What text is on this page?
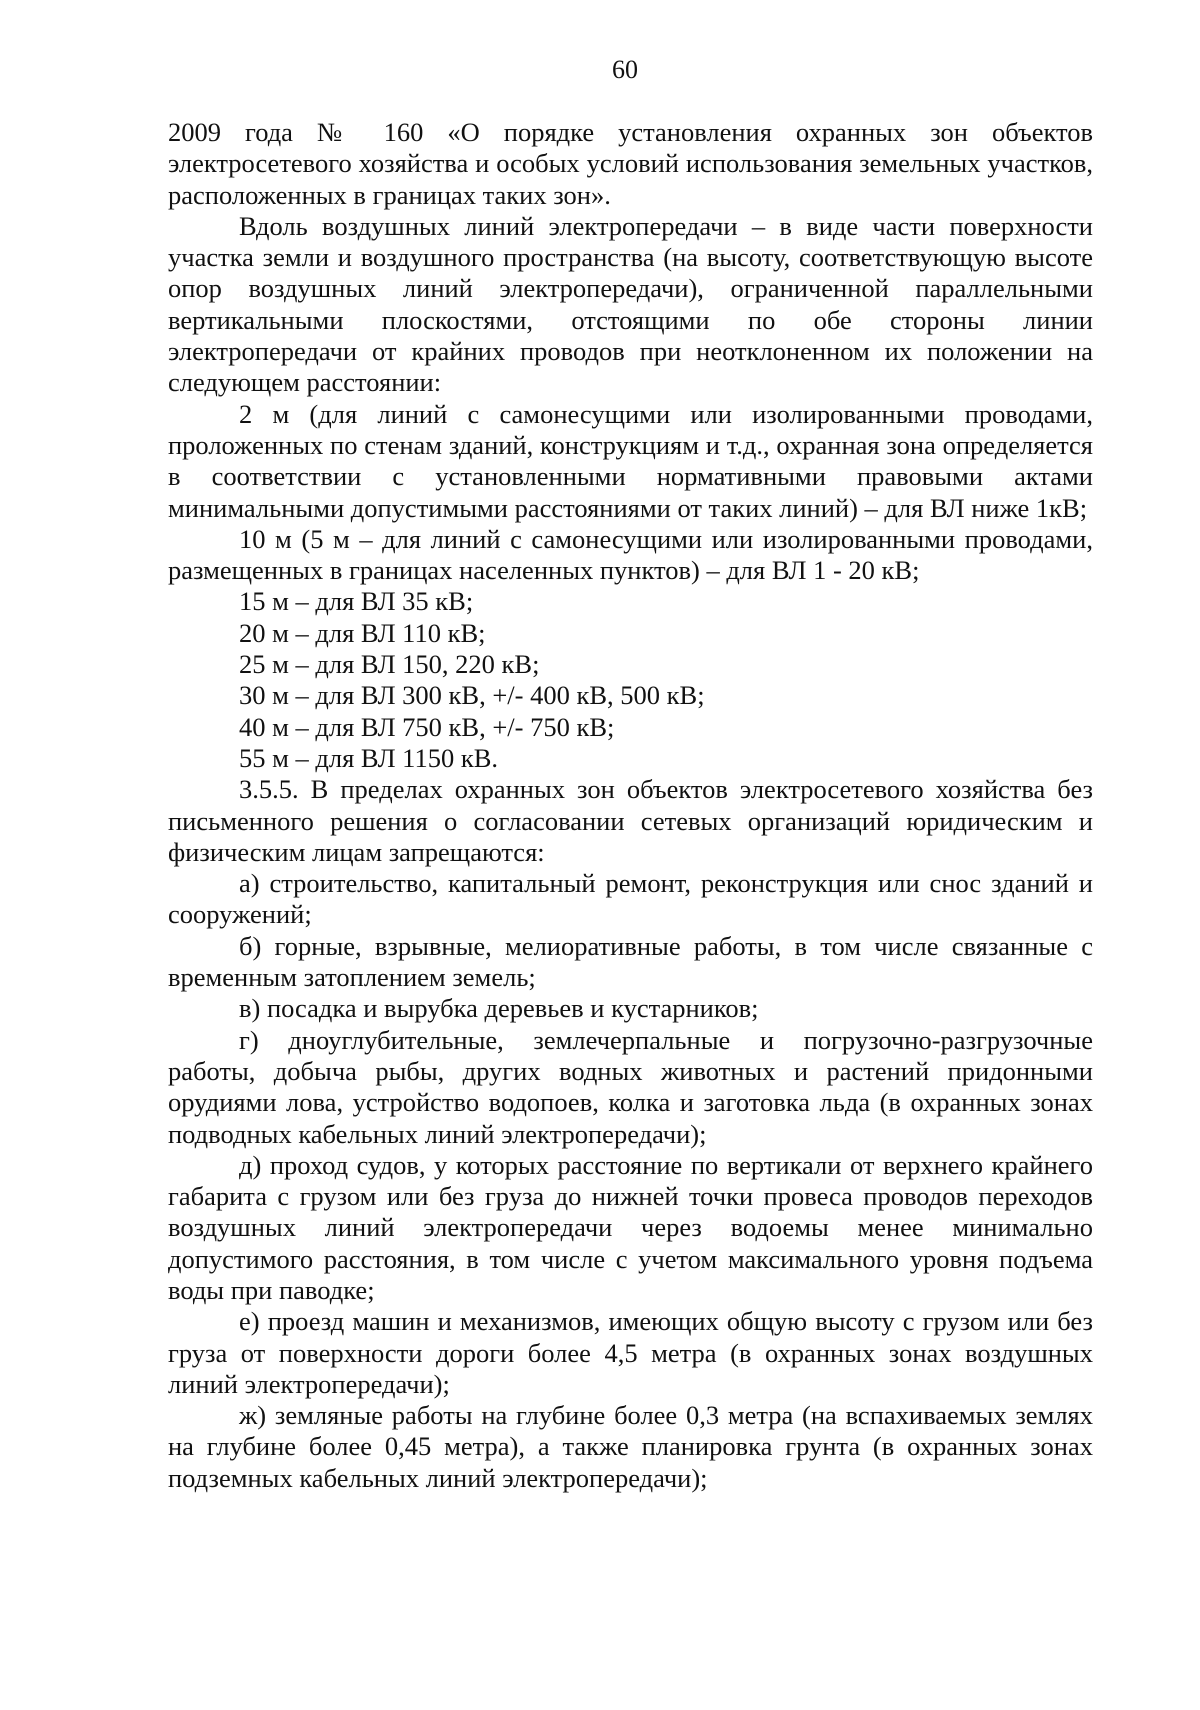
60

2009 года № 160 «О порядке установления охранных зон объектов электросетевого хозяйства и особых условий использования земельных участков, расположенных в границах таких зон».

Вдоль воздушных линий электропередачи – в виде части поверхности участка земли и воздушного пространства (на высоту, соответствующую высоте опор воздушных линий электропередачи), ограниченной параллельными вертикальными плоскостями, отстоящими по обе стороны линии электропередачи от крайних проводов при неотклоненном их положении на следующем расстоянии:

2 м (для линий с самонесущими или изолированными проводами, проложенных по стенам зданий, конструкциям и т.д., охранная зона определяется в соответствии с установленными нормативными правовыми актами минимальными допустимыми расстояниями от таких линий) – для ВЛ ниже 1кВ;

10 м (5 м – для линий с самонесущими или изолированными проводами, размещенных в границах населенных пунктов) – для ВЛ 1 - 20 кВ;

15 м – для ВЛ 35 кВ;

20 м – для ВЛ 110 кВ;

25 м – для ВЛ 150, 220 кВ;

30 м – для ВЛ 300 кВ, +/- 400 кВ, 500 кВ;

40 м – для ВЛ 750 кВ, +/- 750 кВ;

55 м – для ВЛ 1150 кВ.

3.5.5. В пределах охранных зон объектов электросетевого хозяйства без письменного решения о согласовании сетевых организаций юридическим и физическим лицам запрещаются:

а) строительство, капитальный ремонт, реконструкция или снос зданий и сооружений;

б) горные, взрывные, мелиоративные работы, в том числе связанные с временным затоплением земель;

в) посадка и вырубка деревьев и кустарников;

г) дноуглубительные, землечерпальные и погрузочно-разгрузочные работы, добыча рыбы, других водных животных и растений придонными орудиями лова, устройство водопоев, колка и заготовка льда (в охранных зонах подводных кабельных линий электропередачи);

д) проход судов, у которых расстояние по вертикали от верхнего крайнего габарита с грузом или без груза до нижней точки провеса проводов переходов воздушных линий электропередачи через водоемы менее минимально допустимого расстояния, в том числе с учетом максимального уровня подъема воды при паводке;

е) проезд машин и механизмов, имеющих общую высоту с грузом или без груза от поверхности дороги более 4,5 метра (в охранных зонах воздушных линий электропередачи);

ж) земляные работы на глубине более 0,3 метра (на вспахиваемых землях на глубине более 0,45 метра), а также планировка грунта (в охранных зонах подземных кабельных линий электропередачи);
